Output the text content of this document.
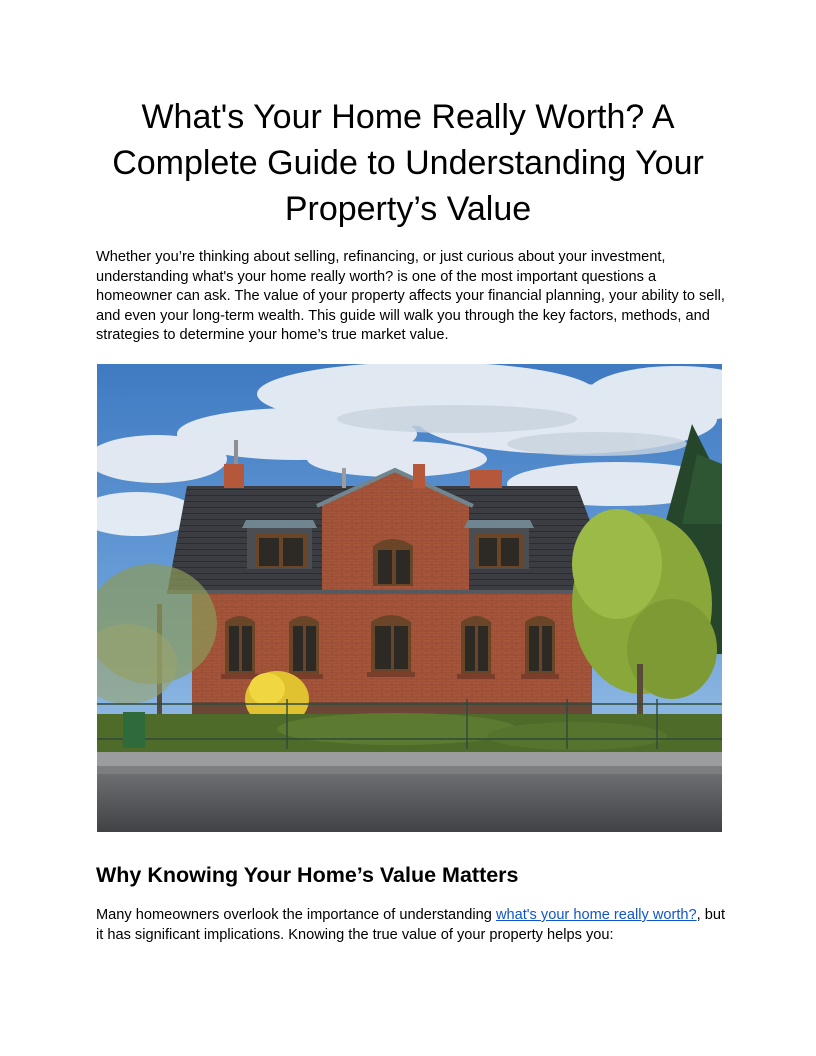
What's Your Home Really Worth? A Complete Guide to Understanding Your Property’s Value

Whether you’re thinking about selling, refinancing, or just curious about your investment, understanding what's your home really worth? is one of the most important questions a homeowner can ask. The value of your property affects your financial planning, your ability to sell, and even your long-term wealth. This guide will walk you through the key factors, methods, and strategies to determine your home’s true market value.

Why Knowing Your Home’s Value Matters

Many homeowners overlook the importance of understanding what's your home really worth?, but it has significant implications. Knowing the true value of your property helps you:
